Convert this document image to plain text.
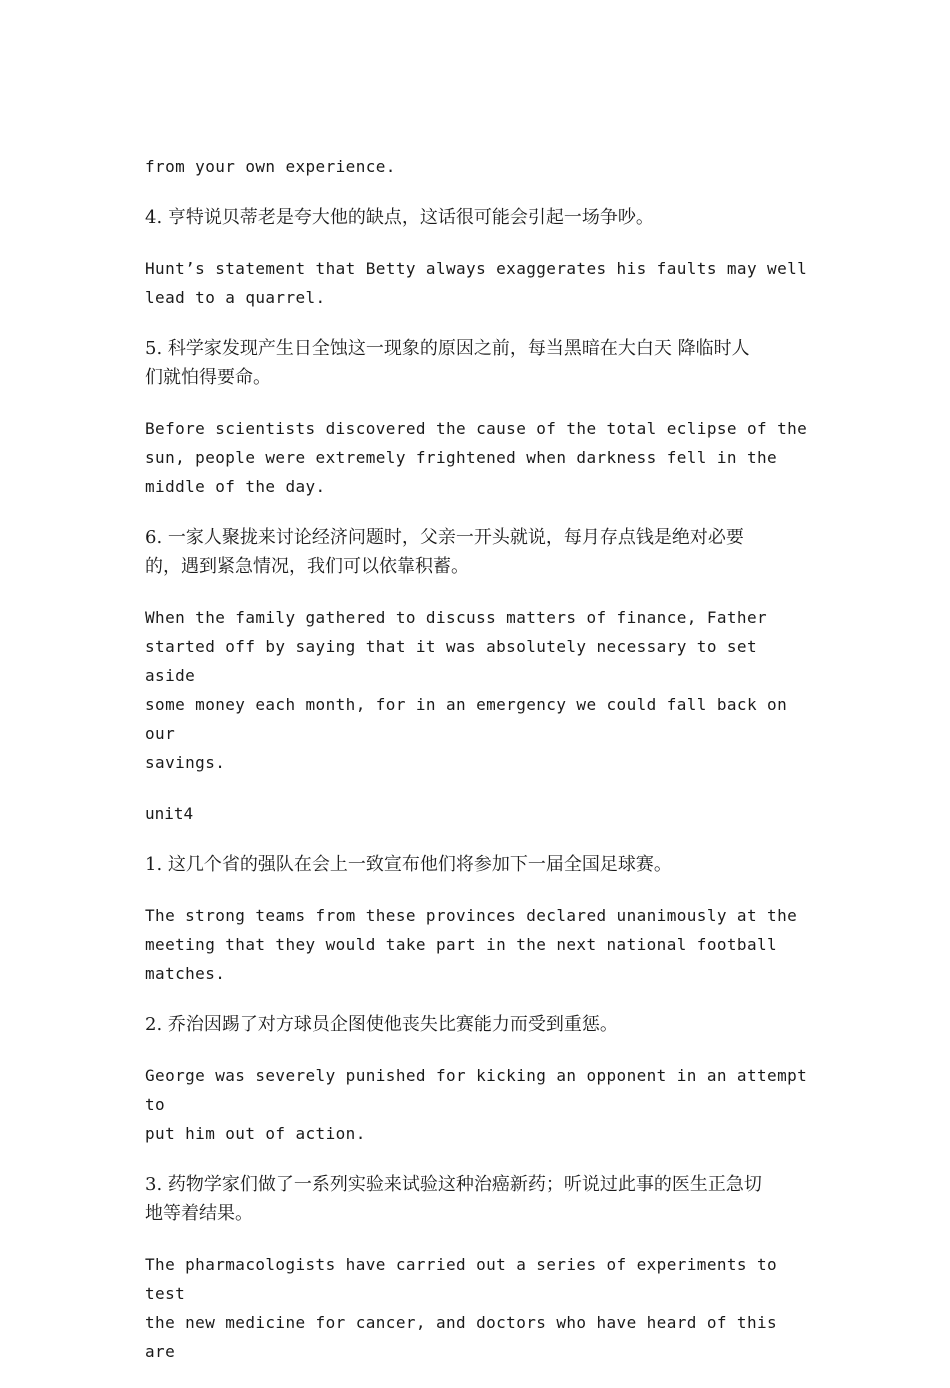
from your own experience.
4. 亨特说贝蒂老是夸大他的缺点，这话很可能会引起一场争吵。
Hunt’s statement that Betty always exaggerates his faults may well
lead to a quarrel.
5. 科学家发现产生日全蚀这一现象的原因之前，每当黑暗在大白天 降临时人
们就怕得要命。
Before scientists discovered the cause of the total eclipse of the
sun, people were extremely frightened when darkness fell in the
middle of the day.
6. 一家人聚拢来讨论经济问题时，父亲一开头就说，每月存点钱是绝对必要
的，遇到紧急情况，我们可以依靠积蓄。
When the family gathered to discuss matters of finance, Father
started off by saying that it was absolutely necessary to set aside
some money each month, for in an emergency we could fall back on our
savings.
unit4
1. 这几个省的强队在会上一致宣布他们将参加下一届全国足球赛。
The strong teams from these provinces declared unanimously at the
meeting that they would take part in the next national football
matches.
2. 乔治因踢了对方球员企图使他丧失比赛能力而受到重惩。
George was severely punished for kicking an opponent in an attempt to
put him out of action.
3. 药物学家们做了一系列实验来试验这种治癌新药；听说过此事的医生正急切
地等着结果。
The pharmacologists have carried out a series of experiments to test
the new medicine for cancer, and doctors who have heard of this are
